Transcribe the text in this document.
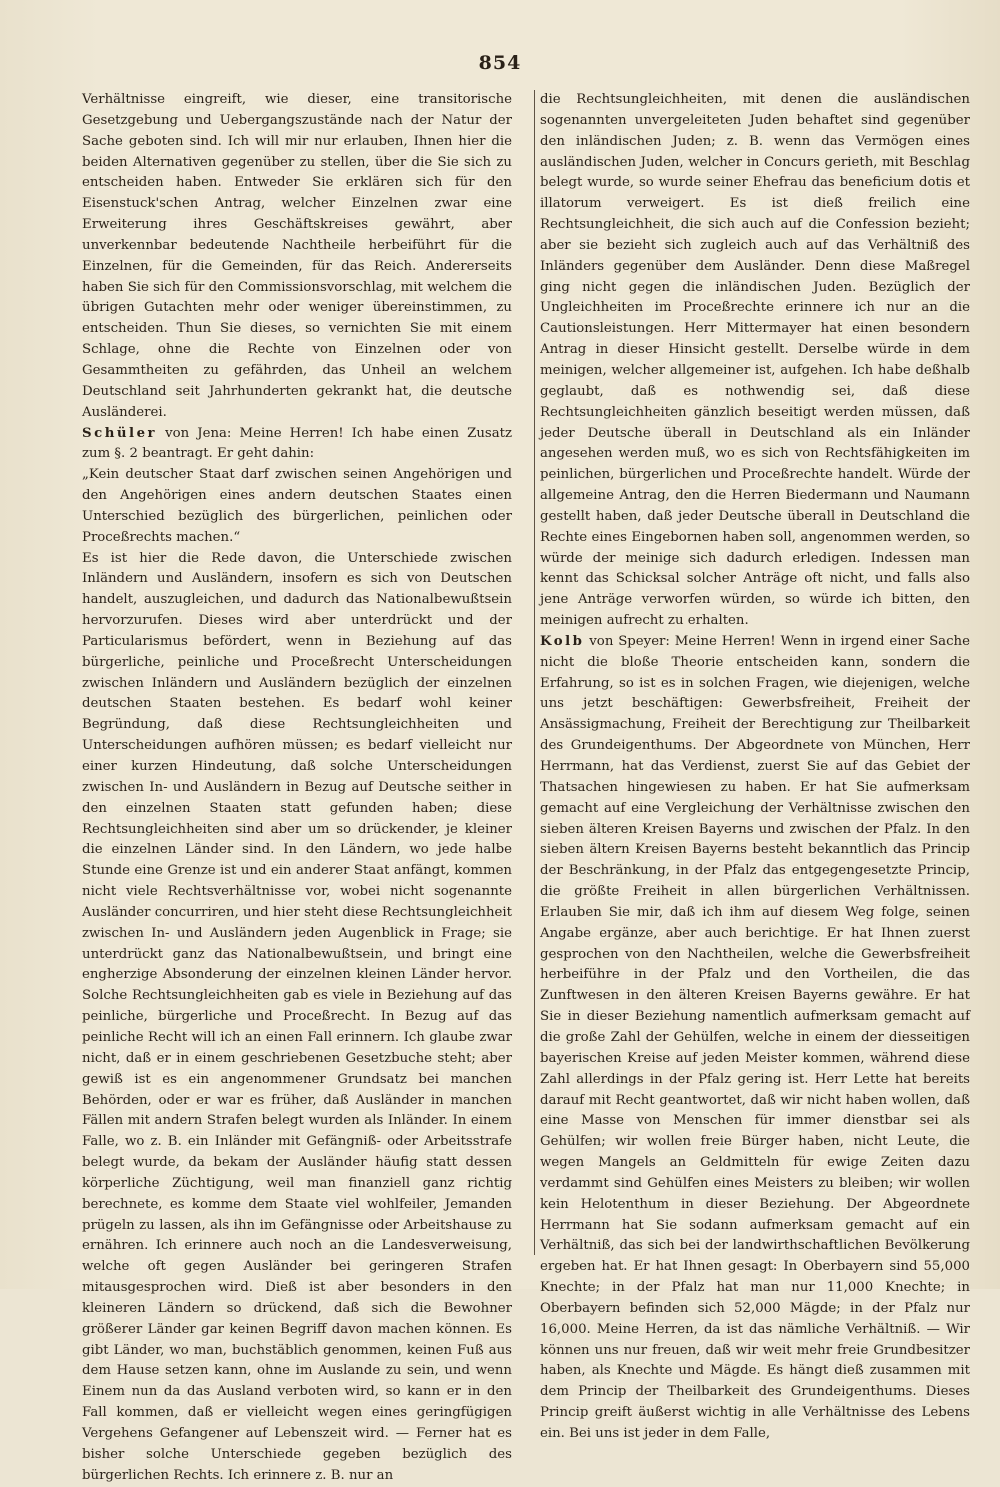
854

Verhältnisse eingreift, wie dieser, eine transitorische Gesetzgebung und Uebergangszustände nach der Natur der Sache geboten sind. Ich will mir nur erlauben, Ihnen hier die beiden Alternativen gegenüber zu stellen, über die Sie sich zu entscheiden haben. Entweder Sie erklären sich für den Eisenstuck'schen Antrag, welcher Einzelnen zwar eine Erweiterung ihres Geschäftskreises gewährt, aber unverkennbar bedeutende Nachtheile herbeiführt für die Einzelnen, für die Gemeinden, für das Reich. Andererseits haben Sie sich für den Commissionsvorschlag, mit welchem die übrigen Gutachten mehr oder weniger übereinstimmen, zu entscheiden. Thun Sie dieses, so vernichten Sie mit einem Schlage, ohne die Rechte von Einzelnen oder von Gesammtheiten zu gefährden, das Unheil an welchem Deutschland seit Jahrhunderten gekrankt hat, die deutsche Ausländerei.

Schüler von Jena: Meine Herren! Ich habe einen Zusatz zum §. 2 beantragt. Er geht dahin:

„Kein deutscher Staat darf zwischen seinen Angehörigen und den Angehörigen eines andern deutschen Staates einen Unterschied bezüglich des bürgerlichen, peinlichen oder Proceßrechts machen.“

Es ist hier die Rede davon, die Unterschiede zwischen Inländern und Ausländern, insofern es sich von Deutschen handelt, auszugleichen, und dadurch das Nationalbewußtsein hervorzurufen. Dieses wird aber unterdrückt und der Particularismus befördert, wenn in Beziehung auf das bürgerliche, peinliche und Proceßrecht Unterscheidungen zwischen Inländern und Ausländern bezüglich der einzelnen deutschen Staaten bestehen. Es bedarf wohl keiner Begründung, daß diese Rechtsungleichheiten und Unterscheidungen aufhören müssen; es bedarf vielleicht nur einer kurzen Hindeutung, daß solche Unterscheidungen zwischen In- und Ausländern in Bezug auf Deutsche seither in den einzelnen Staaten statt gefunden haben; diese Rechtsungleichheiten sind aber um so drückender, je kleiner die einzelnen Länder sind. In den Ländern, wo jede halbe Stunde eine Grenze ist und ein anderer Staat anfängt, kommen nicht viele Rechtsverhältnisse vor, wobei nicht sogenannte Ausländer concurriren, und hier steht diese Rechtsungleichheit zwischen In- und Ausländern jeden Augenblick in Frage; sie unterdrückt ganz das Nationalbewußtsein, und bringt eine engherzige Absonderung der einzelnen kleinen Länder hervor. Solche Rechtsungleichheiten gab es viele in Beziehung auf das peinliche, bürgerliche und Proceßrecht. In Bezug auf das peinliche Recht will ich an einen Fall erinnern. Ich glaube zwar nicht, daß er in einem geschriebenen Gesetzbuche steht; aber gewiß ist es ein angenommener Grundsatz bei manchen Behörden, oder er war es früher, daß Ausländer in manchen Fällen mit andern Strafen belegt wurden als Inländer. In einem Falle, wo z. B. ein Inländer mit Gefängniß- oder Arbeitsstrafe belegt wurde, da bekam der Ausländer häufig statt dessen körperliche Züchtigung, weil man finanziell ganz richtig berechnete, es komme dem Staate viel wohlfeiler, Jemanden prügeln zu lassen, als ihn im Gefängnisse oder Arbeitshause zu ernähren. Ich erinnere auch noch an die Landesverweisung, welche oft gegen Ausländer bei geringeren Strafen mitausgesprochen wird. Dieß ist aber besonders in den kleineren Ländern so drückend, daß sich die Bewohner größerer Länder gar keinen Begriff davon machen können. Es gibt Länder, wo man, buchstäblich genommen, keinen Fuß aus dem Hause setzen kann, ohne im Auslande zu sein, und wenn Einem nun da das Ausland verboten wird, so kann er in den Fall kommen, daß er vielleicht wegen eines geringfügigen Vergehens Gefangener auf Lebenszeit wird. — Ferner hat es bisher solche Unterschiede gegeben bezüglich des bürgerlichen Rechts. Ich erinnere z. B. nur an

die Rechtsungleichheiten, mit denen die ausländischen sogenannten unvergeleiteten Juden behaftet sind gegenüber den inländischen Juden; z. B. wenn das Vermögen eines ausländischen Juden, welcher in Concurs gerieth, mit Beschlag belegt wurde, so wurde seiner Ehefrau das beneficium dotis et illatorum verweigert. Es ist dieß freilich eine Rechtsungleichheit, die sich auch auf die Confession bezieht; aber sie bezieht sich zugleich auch auf das Verhältniß des Inländers gegenüber dem Ausländer. Denn diese Maßregel ging nicht gegen die inländischen Juden. Bezüglich der Ungleichheiten im Proceßrechte erinnere ich nur an die Cautionsleistungen. Herr Mittermayer hat einen besondern Antrag in dieser Hinsicht gestellt. Derselbe würde in dem meinigen, welcher allgemeiner ist, aufgehen. Ich habe deßhalb geglaubt, daß es nothwendig sei, daß diese Rechtsungleichheiten gänzlich beseitigt werden müssen, daß jeder Deutsche überall in Deutschland als ein Inländer angesehen werden muß, wo es sich von Rechtsfähigkeiten im peinlichen, bürgerlichen und Proceßrechte handelt. Würde der allgemeine Antrag, den die Herren Biedermann und Naumann gestellt haben, daß jeder Deutsche überall in Deutschland die Rechte eines Eingebornen haben soll, angenommen werden, so würde der meinige sich dadurch erledigen. Indessen man kennt das Schicksal solcher Anträge oft nicht, und falls also jene Anträge verworfen würden, so würde ich bitten, den meinigen aufrecht zu erhalten.

Kolb von Speyer: Meine Herren! Wenn in irgend einer Sache nicht die bloße Theorie entscheiden kann, sondern die Erfahrung, so ist es in solchen Fragen, wie diejenigen, welche uns jetzt beschäftigen: Gewerbsfreiheit, Freiheit der Ansässigmachung, Freiheit der Berechtigung zur Theilbarkeit des Grundeigenthums. Der Abgeordnete von München, Herr Herrmann, hat das Verdienst, zuerst Sie auf das Gebiet der Thatsachen hingewiesen zu haben. Er hat Sie aufmerksam gemacht auf eine Vergleichung der Verhältnisse zwischen den sieben älteren Kreisen Bayerns und zwischen der Pfalz. In den sieben ältern Kreisen Bayerns besteht bekanntlich das Princip der Beschränkung, in der Pfalz das entgegengesetzte Princip, die größte Freiheit in allen bürgerlichen Verhältnissen. Erlauben Sie mir, daß ich ihm auf diesem Weg folge, seinen Angabe ergänze, aber auch berichtige. Er hat Ihnen zuerst gesprochen von den Nachtheilen, welche die Gewerbsfreiheit herbeiführe in der Pfalz und den Vortheilen, die das Zunftwesen in den älteren Kreisen Bayerns gewähre. Er hat Sie in dieser Beziehung namentlich aufmerksam gemacht auf die große Zahl der Gehülfen, welche in einem der diesseitigen bayerischen Kreise auf jeden Meister kommen, während diese Zahl allerdings in der Pfalz gering ist. Herr Lette hat bereits darauf mit Recht geantwortet, daß wir nicht haben wollen, daß eine Masse von Menschen für immer dienstbar sei als Gehülfen; wir wollen freie Bürger haben, nicht Leute, die wegen Mangels an Geldmitteln für ewige Zeiten dazu verdammt sind Gehülfen eines Meisters zu bleiben; wir wollen kein Helotenthum in dieser Beziehung. Der Abgeordnete Herrmann hat Sie sodann aufmerksam gemacht auf ein Verhältniß, das sich bei der landwirthschaftlichen Bevölkerung ergeben hat. Er hat Ihnen gesagt: In Oberbayern sind 55,000 Knechte; in der Pfalz hat man nur 11,000 Knechte; in Oberbayern befinden sich 52,000 Mägde; in der Pfalz nur 16,000. Meine Herren, da ist das nämliche Verhältniß. — Wir können uns nur freuen, daß wir weit mehr freie Grundbesitzer haben, als Knechte und Mägde. Es hängt dieß zusammen mit dem Princip der Theilbarkeit des Grundeigenthums. Dieses Princip greift äußerst wichtig in alle Verhältnisse des Lebens ein. Bei uns ist jeder in dem Falle,
